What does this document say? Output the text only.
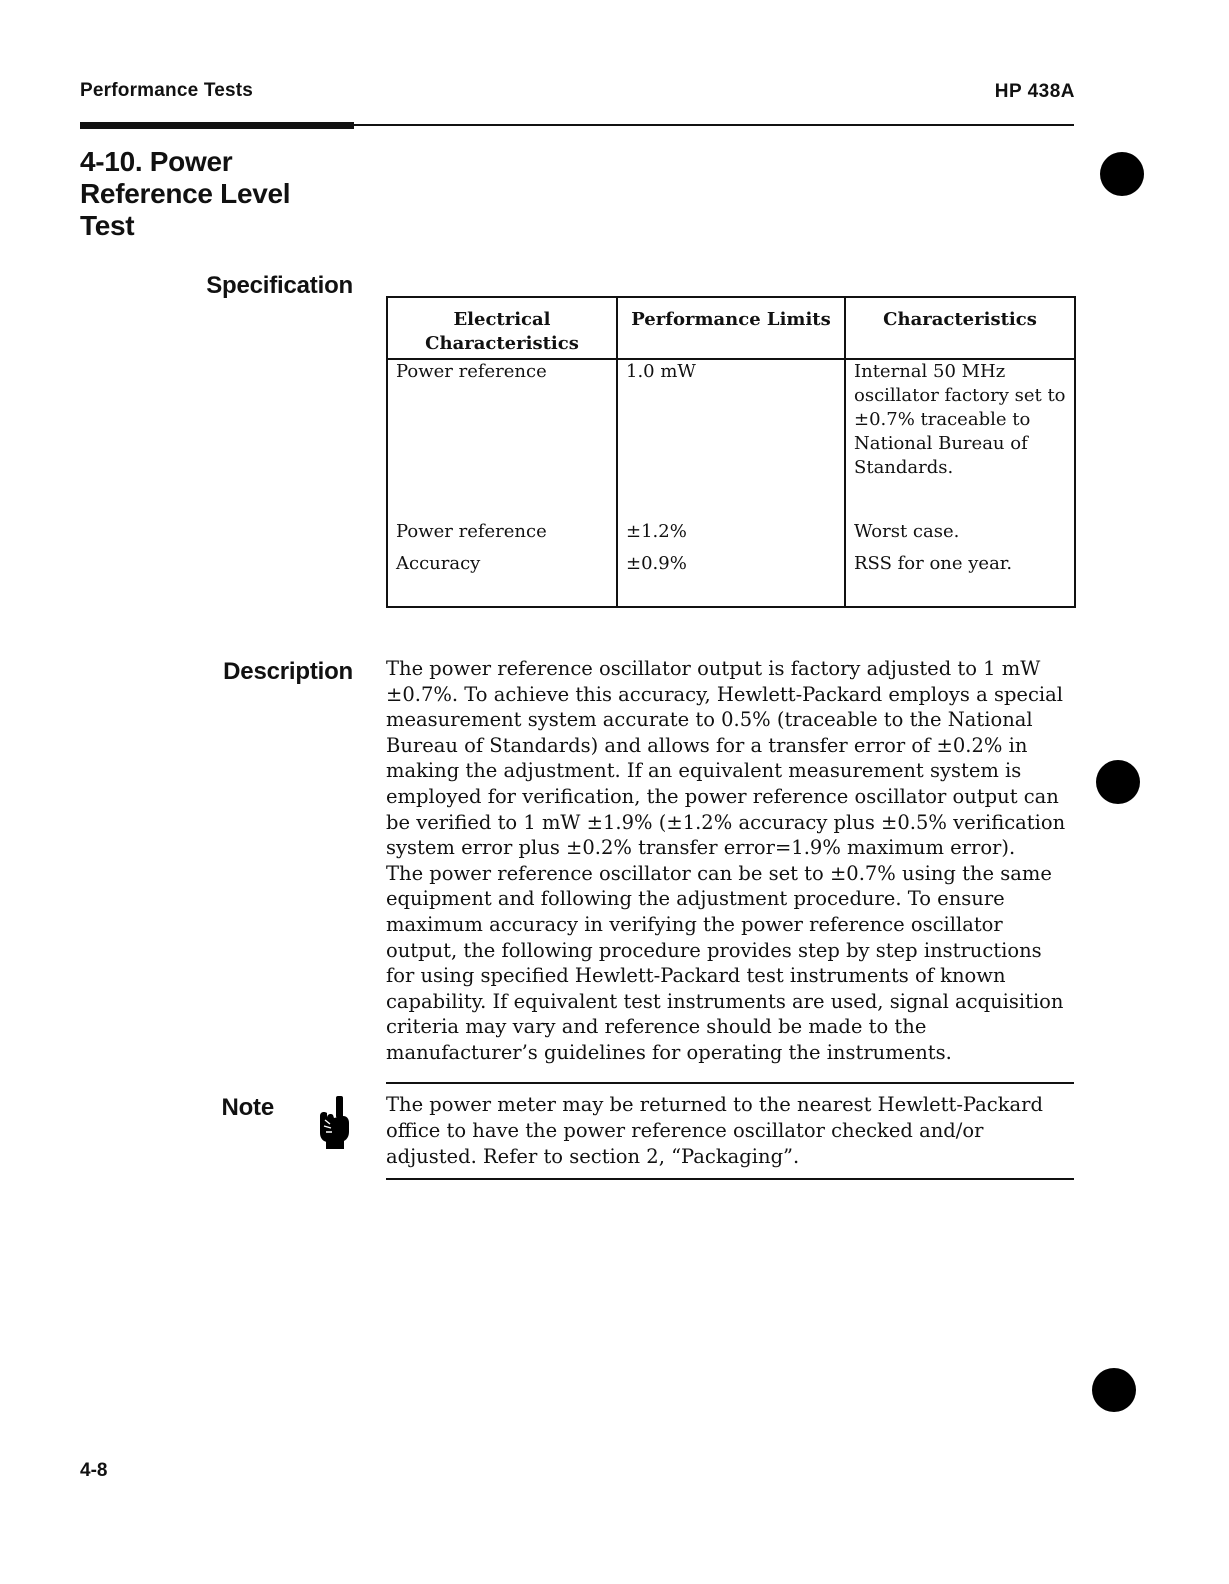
Performance Tests	HP 438A
4-10. Power
Reference Level
Test
Specification
Electrical
Characteristics	Performance Limits	Characteristics
Power reference	1.0 mW	Internal 50 MHz oscillator factory set to ±0.7% traceable to National Bureau of Standards.
Power reference	±1.2%	Worst case.
Accuracy	±0.9%	RSS for one year.

Description The power reference oscillator output is factory adjusted to 1 mW ±0.7%. To achieve this accuracy, Hewlett-Packard employs a special measurement system accurate to 0.5% (traceable to the National Bureau of Standards) and allows for a transfer error of ±0.2% in making the adjustment. If an equivalent measurement system is employed for verification, the power reference oscillator output can be verified to 1 mW ±1.9% (±1.2% accuracy plus ±0.5% verification system error plus ±0.2% transfer error=1.9% maximum error).

The power reference oscillator can be set to ±0.7% using the same equipment and following the adjustment procedure. To ensure maximum accuracy in verifying the power reference oscillator output, the following procedure provides step by step instructions for using specified Hewlett-Packard test instruments of known capability. If equivalent test instruments are used, signal acquisition criteria may vary and reference should be made to the manufacturer’s guidelines for operating the instruments.

Note	The power meter may be returned to the nearest Hewlett-Packard office to have the power reference oscillator checked and/or adjusted. Refer to section 2, “Packaging”.

4-8
